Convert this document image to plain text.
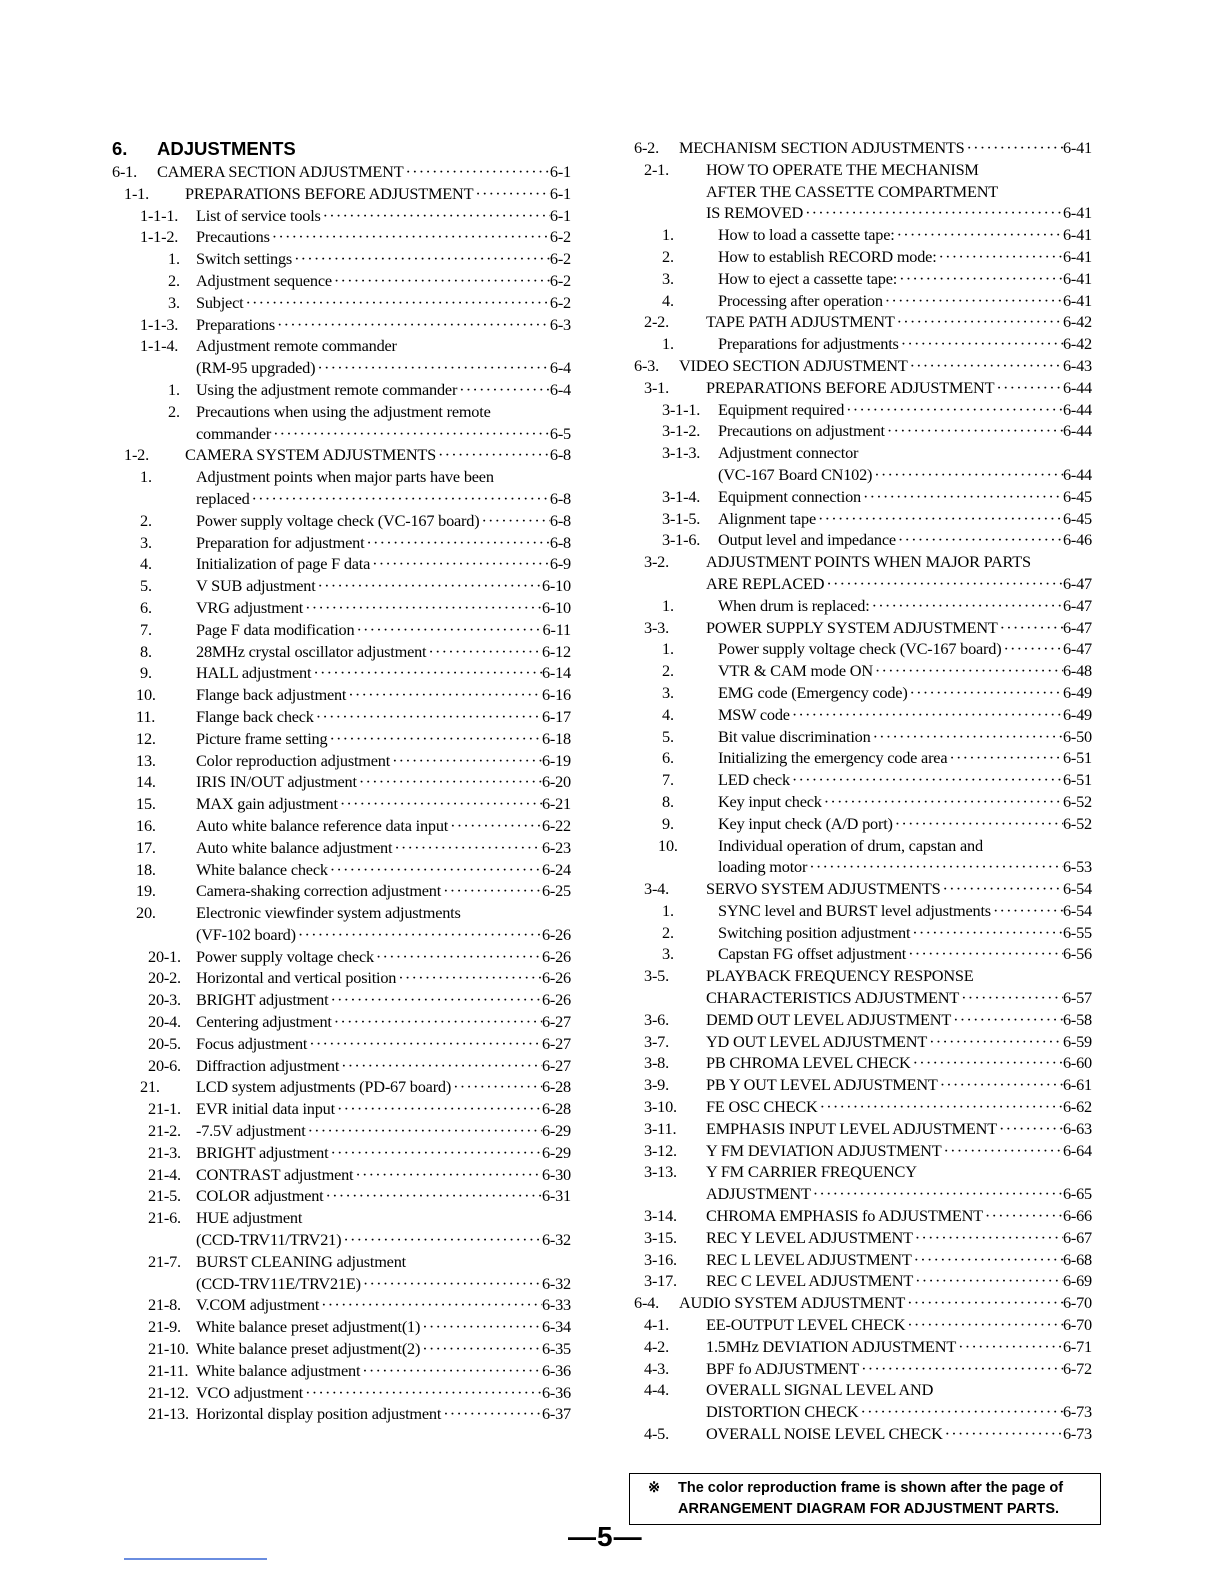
6. ADJUSTMENTS
6-1.	CAMERA SECTION ADJUSTMENT ·····	6-1
1-1.	PREPARATIONS BEFORE ADJUSTMENT ·····	6-1
1-1-1.	List of service tools ·····	6-1
1-1-2.	Precautions ·····	6-2
1. Switch settings ·····	6-2
2. Adjustment sequence ·····	6-2
3. Subject ·····	6-2
1-1-3.	Preparations ·····	6-3
1-1-4.	Adjustment remote commander
(RM-95 upgraded) ·····	6-4
1. Using the adjustment remote commander ·····	6-4
2. Precautions when using the adjustment remote
commander ·····	6-5
1-2.	CAMERA SYSTEM ADJUSTMENTS ·····	6-8
1.	Adjustment points when major parts have been
replaced ·····	6-8
2.	Power supply voltage check (VC-167 board) ·····	6-8
3.	Preparation for adjustment ·····	6-8
4.	Initialization of page F data ·····	6-9
5.	V SUB adjustment ·····	6-10
6.	VRG adjustment ·····	6-10
7.	Page F data modification ·····	6-11
8.	28MHz crystal oscillator adjustment ·····	6-12
9.	HALL adjustment ·····	6-14
10.	Flange back adjustment ·····	6-16
11.	Flange back check ·····	6-17
12.	Picture frame setting ·····	6-18
13.	Color reproduction adjustment ·····	6-19
14.	IRIS IN/OUT adjustment ·····	6-20
15.	MAX gain adjustment ·····	6-21
16.	Auto white balance reference data input ·····	6-22
17.	Auto white balance adjustment ·····	6-23
18.	White balance check ·····	6-24
19.	Camera-shaking correction adjustment ·····	6-25
20.	Electronic viewfinder system adjustments
(VF-102 board) ·····	6-26
20-1. Power supply voltage check ·····	6-26
20-2. Horizontal and vertical position ·····	6-26
20-3. BRIGHT adjustment ·····	6-26
20-4. Centering adjustment ·····	6-27
20-5. Focus adjustment ·····	6-27
20-6. Diffraction adjustment ·····	6-27
21.	LCD system adjustments (PD-67 board) ·····	6-28
21-1. EVR initial data input ·····	6-28
21-2. -7.5V adjustment ·····	6-29
21-3. BRIGHT adjustment ·····	6-29
21-4. CONTRAST adjustment ·····	6-30
21-5. COLOR adjustment ·····	6-31
21-6. HUE adjustment
(CCD-TRV11/TRV21) ·····	6-32
21-7. BURST CLEANING adjustment
(CCD-TRV11E/TRV21E) ·····	6-32
21-8. V.COM adjustment ·····	6-33
21-9. White balance preset adjustment(1) ·····	6-34
21-10. White balance preset adjustment(2) ·····	6-35
21-11. White balance adjustment ·····	6-36
21-12. VCO adjustment ·····	6-36
21-13. Horizontal display position adjustment ·····	6-37
6-2.	MECHANISM SECTION ADJUSTMENTS ·····	6-41
2-1.	HOW TO OPERATE THE MECHANISM
AFTER THE CASSETTE COMPARTMENT
IS REMOVED ·····	6-41
1.	How to load a cassette tape: ·····	6-41
2.	How to establish RECORD mode: ·····	6-41
3.	How to eject a cassette tape: ·····	6-41
4.	Processing after operation ·····	6-41
2-2.	TAPE PATH ADJUSTMENT ·····	6-42
1.	Preparations for adjustments ·····	6-42
6-3.	VIDEO SECTION ADJUSTMENT ·····	6-43
3-1.	PREPARATIONS BEFORE ADJUSTMENT ·····	6-44
3-1-1.	Equipment required ·····	6-44
3-1-2.	Precautions on adjustment ·····	6-44
3-1-3.	Adjustment connector
(VC-167 Board CN102) ·····	6-44
3-1-4.	Equipment connection ·····	6-45
3-1-5.	Alignment tape ·····	6-45
3-1-6.	Output level and impedance ·····	6-46
3-2.	ADJUSTMENT POINTS WHEN MAJOR PARTS
ARE REPLACED ·····	6-47
1.	When drum is replaced: ·····	6-47
3-3.	POWER SUPPLY SYSTEM ADJUSTMENT ·····	6-47
1.	Power supply voltage check (VC-167 board) ·····	6-47
2.	VTR & CAM mode ON ·····	6-48
3.	EMG code (Emergency code) ·····	6-49
4.	MSW code ·····	6-49
5.	Bit value discrimination ·····	6-50
6.	Initializing the emergency code area ·····	6-51
7.	LED check ·····	6-51
8.	Key input check ·····	6-52
9.	Key input check (A/D port) ·····	6-52
10.	Individual operation of drum, capstan and
loading motor ·····	6-53
3-4.	SERVO SYSTEM ADJUSTMENTS ·····	6-54
1.	SYNC level and BURST level adjustments ·····	6-54
2.	Switching position adjustment ·····	6-55
3.	Capstan FG offset adjustment ·····	6-56
3-5.	PLAYBACK FREQUENCY RESPONSE
CHARACTERISTICS ADJUSTMENT ·····	6-57
3-6.	DEMD OUT LEVEL ADJUSTMENT ·····	6-58
3-7.	YD OUT LEVEL ADJUSTMENT ·····	6-59
3-8.	PB CHROMA LEVEL CHECK ·····	6-60
3-9.	PB Y OUT LEVEL ADJUSTMENT ·····	6-61
3-10.	FE OSC CHECK ·····	6-62
3-11.	EMPHASIS INPUT LEVEL ADJUSTMENT ·····	6-63
3-12.	Y FM DEVIATION ADJUSTMENT ·····	6-64
3-13.	Y FM CARRIER FREQUENCY
ADJUSTMENT ·····	6-65
3-14.	CHROMA EMPHASIS fo ADJUSTMENT ·····	6-66
3-15.	REC Y LEVEL ADJUSTMENT ·····	6-67
3-16.	REC L LEVEL ADJUSTMENT ·····	6-68
3-17.	REC C LEVEL ADJUSTMENT ·····	6-69
6-4.	AUDIO SYSTEM ADJUSTMENT ·····	6-70
4-1.	EE-OUTPUT LEVEL CHECK ·····	6-70
4-2.	1.5MHz DEVIATION ADJUSTMENT ·····	6-71
4-3.	BPF fo ADJUSTMENT ·····	6-72
4-4.	OVERALL SIGNAL LEVEL AND
DISTORTION CHECK ·····	6-73
4-5.	OVERALL NOISE LEVEL CHECK ·····	6-73
※ The color reproduction frame is shown after the page of
ARRANGEMENT DIAGRAM FOR ADJUSTMENT PARTS.
—5—
